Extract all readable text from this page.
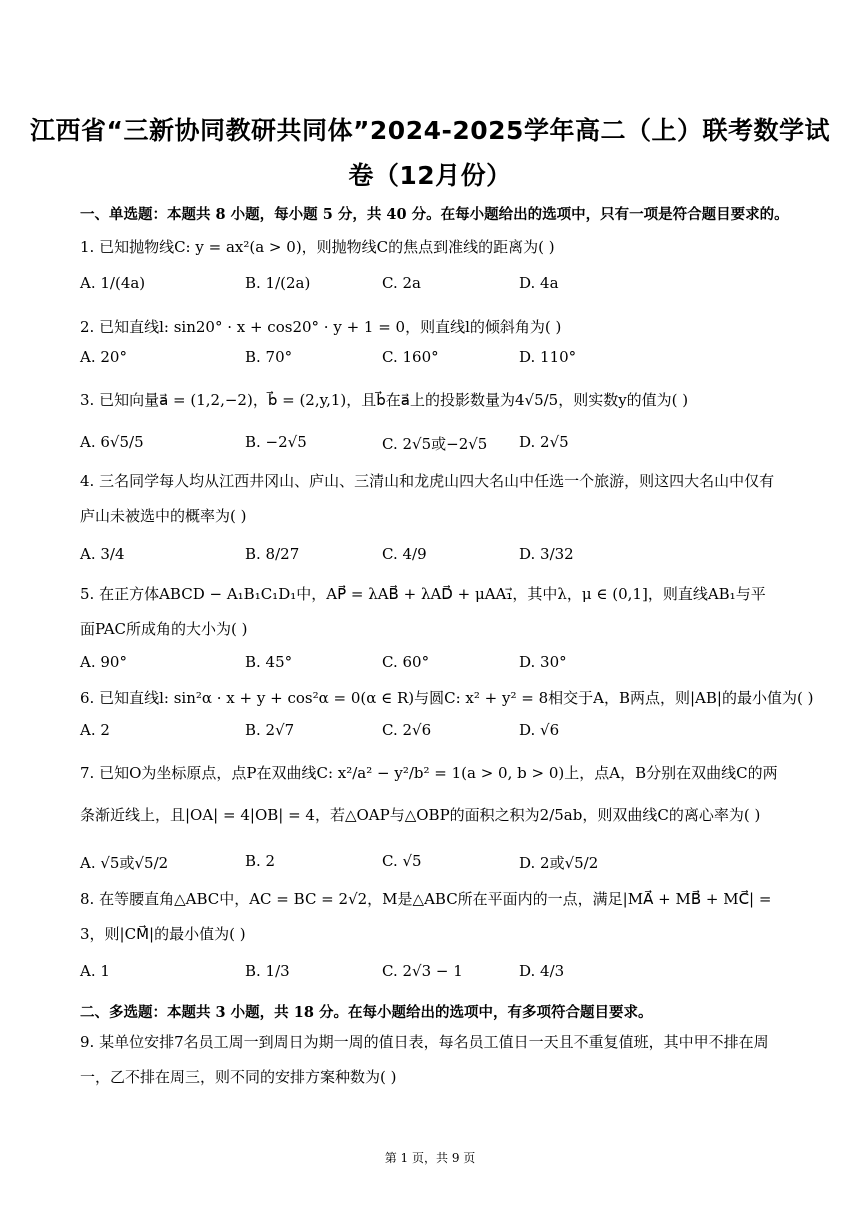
江西省“三新协同教研共同体”2024-2025学年高二（上）联考数学试
卷（12月份）
一、单选题：本题共 8 小题，每小题 5 分，共 40 分。在每小题给出的选项中，只有一项是符合题目要求的。
1. 已知抛物线C: y = ax²(a > 0)，则抛物线C的焦点到准线的距离为( )
A. 1/(4a)	B. 1/(2a)	C. 2a	D. 4a
2. 已知直线l: sin20° · x + cos20° · y + 1 = 0，则直线l的倾斜角为( )
A. 20°	B. 70°	C. 160°	D. 110°
3. 已知向量a⃗ = (1,2,−2)，b⃗ = (2,y,1)，且b⃗在a⃗上的投影数量为4√5/5，则实数y的值为( )
A. 6√5/5	B. −2√5	C. 2√5或−2√5 D. 2√5
4. 三名同学每人均从江西井冈山、庐山、三清山和龙虎山四大名山中任选一个旅游，则这四大名山中仅有庐山未被选中的概率为( )
A. 3/4	B. 8/27	C. 4/9	D. 3/32
5. 在正方体ABCD − A₁B₁C₁D₁中，AP⃗ = λAB⃗ + λAD⃗ + μAA₁⃗，其中λ，μ ∈ (0,1]，则直线AB₁与平面PAC所成角的大小为( )
A. 90°	B. 45°	C. 60°	D. 30°
6. 已知直线l: sin²α · x + y + cos²α = 0(α ∈ R)与圆C: x² + y² = 8相交于A，B两点，则|AB|的最小值为( )
A. 2	B. 2√7	C. 2√6	D. √6
7. 已知O为坐标原点，点P在双曲线C: x²/a² − y²/b² = 1(a > 0, b > 0)上，点A，B分别在双曲线C的两条渐近线上，且|OA| = 4|OB| = 4，若△OAP与△OBP的面积之积为2/5ab，则双曲线C的离心率为( )
A. √5或√5/2	B. 2	C. √5	D. 2或√5/2
8. 在等腰直角△ABC中，AC = BC = 2√2，M是△ABC所在平面内的一点，满足|MA⃗ + MB⃗ + MC⃗| = 3，则|CM⃗|的最小值为( )
A. 1	B. 1/3	C. 2√3 − 1	D. 4/3
二、多选题：本题共 3 小题，共 18 分。在每小题给出的选项中，有多项符合题目要求。
9. 某单位安排7名员工周一到周日为期一周的值日表，每名员工值日一天且不重复值班，其中甲不排在周一，乙不排在周三，则不同的安排方案种数为( )
第 1 页，共 9 页
